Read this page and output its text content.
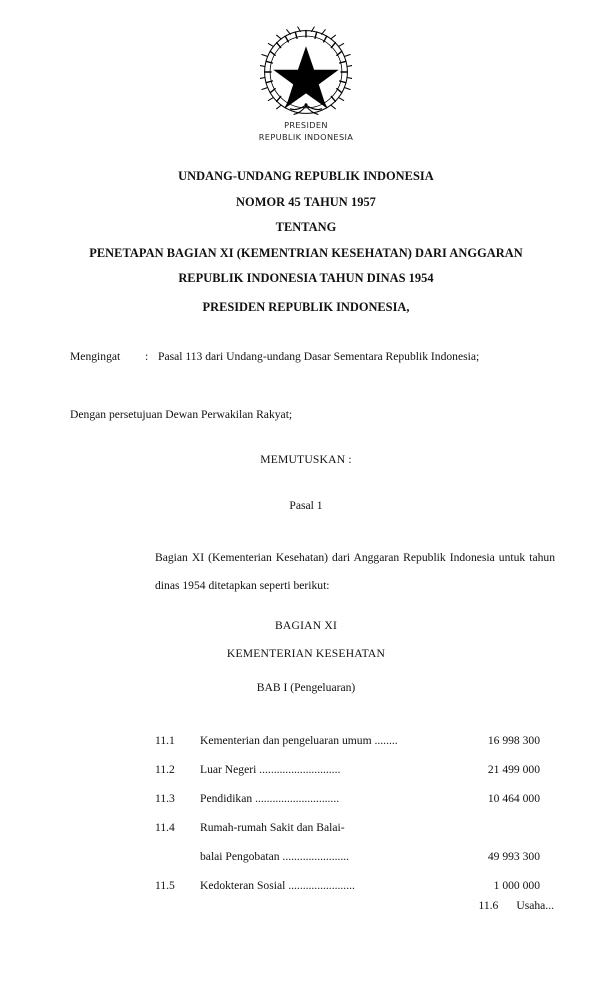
PRESIDEN
REPUBLIK INDONESIA
UNDANG-UNDANG REPUBLIK INDONESIA
NOMOR 45 TAHUN 1957
TENTANG
PENETAPAN BAGIAN XI (KEMENTRIAN KESEHATAN) DARI ANGGARAN
REPUBLIK INDONESIA TAHUN DINAS 1954
PRESIDEN REPUBLIK INDONESIA,
Mengingat	: Pasal 113 dari Undang-undang Dasar Sementara Republik Indonesia;
Dengan persetujuan Dewan Perwakilan Rakyat;
MEMUTUSKAN :
Pasal 1
Bagian XI (Kementerian Kesehatan) dari Anggaran Republik Indonesia untuk tahun dinas 1954 ditetapkan seperti berikut:
BAGIAN XI
KEMENTERIAN KESEHATAN
BAB I (Pengeluaran)
11.1 Kementerian dan pengeluaran umum ........	16 998 300
11.2 Luar Negeri ............................	21 499 000
11.3 Pendidikan .............................	10 464 000
11.4 Rumah-rumah Sakit dan Balai-
balai Pengobatan .......................	49 993 300
11.5 Kedokteran Sosial .......................	1 000 000
11.6 Usaha...
